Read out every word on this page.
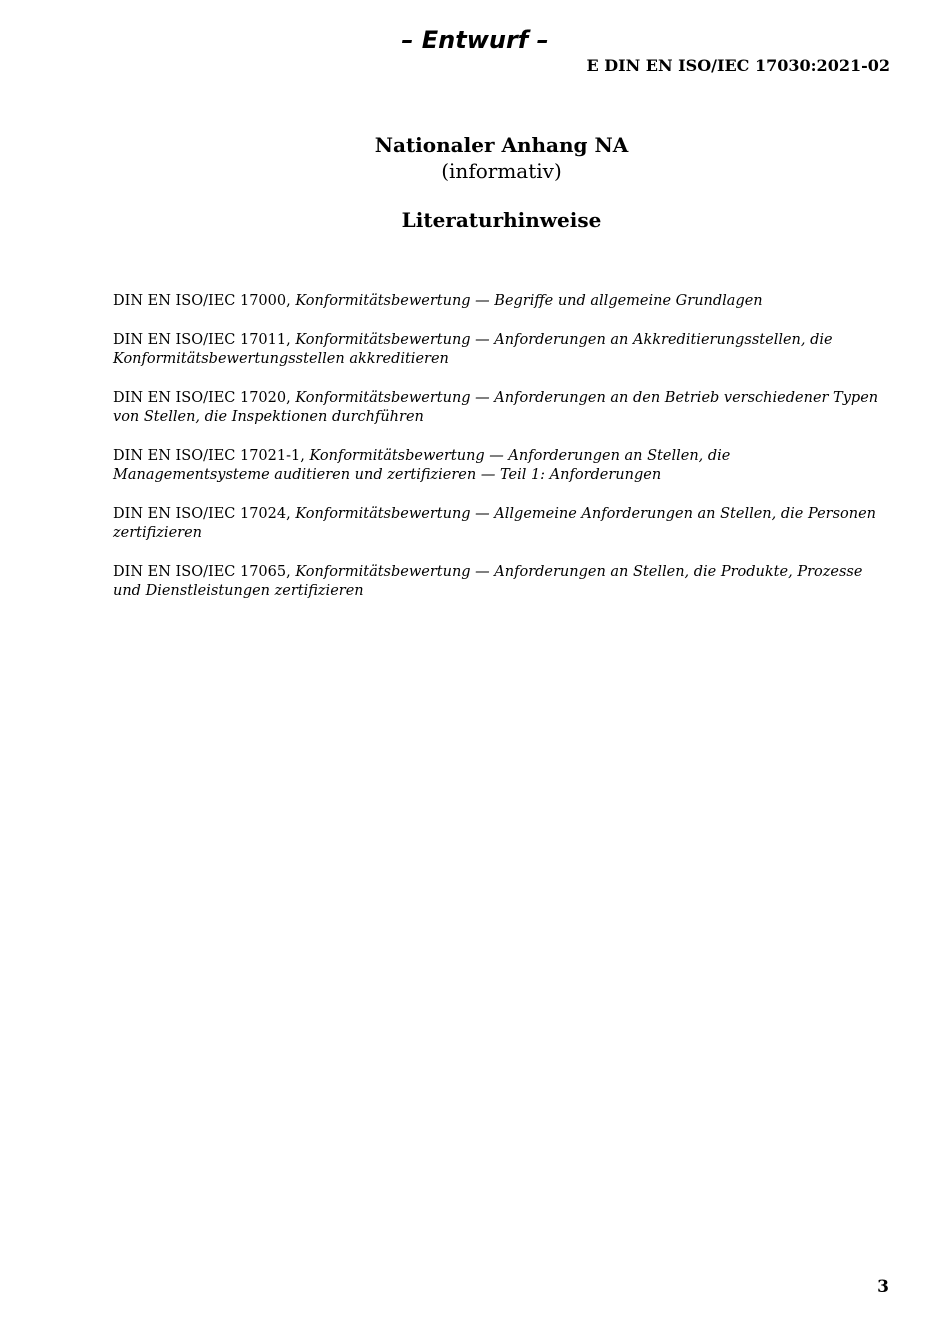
– Entwurf –
E DIN EN ISO/IEC 17030:2021-02
Nationaler Anhang NA
(informativ)
Literaturhinweise
DIN EN ISO/IEC 17000, Konformitätsbewertung — Begriffe und allgemeine Grundlagen
DIN EN ISO/IEC 17011, Konformitätsbewertung — Anforderungen an Akkreditierungsstellen, die Konformitätsbewertungsstellen akkreditieren
DIN EN ISO/IEC 17020, Konformitätsbewertung — Anforderungen an den Betrieb verschiedener Typen von Stellen, die Inspektionen durchführen
DIN EN ISO/IEC 17021-1, Konformitätsbewertung — Anforderungen an Stellen, die Managementsysteme auditieren und zertifizieren — Teil 1: Anforderungen
DIN EN ISO/IEC 17024, Konformitätsbewertung — Allgemeine Anforderungen an Stellen, die Personen zertifizieren
DIN EN ISO/IEC 17065, Konformitätsbewertung — Anforderungen an Stellen, die Produkte, Prozesse und Dienstleistungen zertifizieren
3
